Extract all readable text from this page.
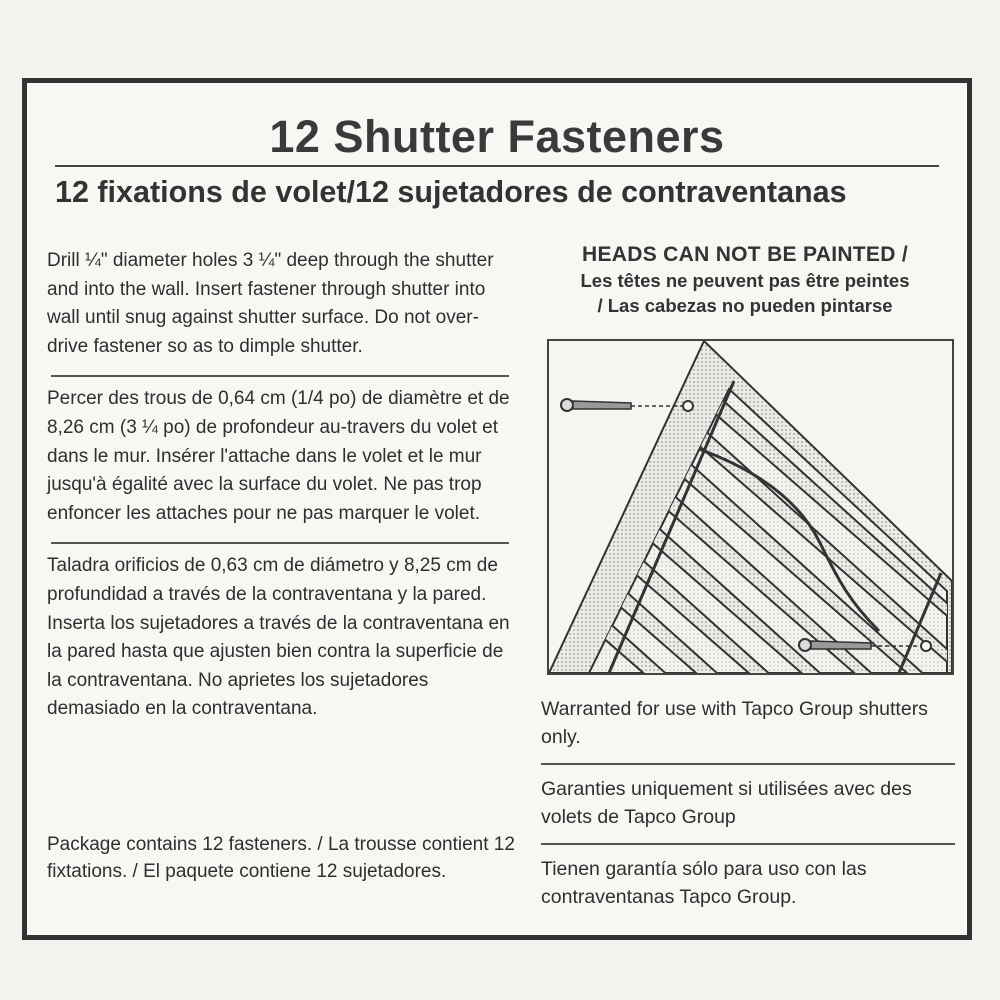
12 Shutter Fasteners
12 fixations de volet/12 sujetadores de contraventanas

Drill ¼" diameter holes 3 ¼" deep through the shutter and into the wall. Insert fastener through shutter into wall until snug against shutter surface. Do not over-drive fastener so as to dimple shutter.

Percer des trous de 0,64 cm (1/4 po) de diamètre et de 8,26 cm (3 ¼ po) de profondeur au-travers du volet et dans le mur. Insérer l'attache dans le volet et le mur jusqu'à égalité avec la surface du volet. Ne pas trop enfoncer les attaches pour ne pas marquer le volet.

Taladra orificios de 0,63 cm de diámetro y 8,25 cm de profundidad a través de la contraventana y la pared. Inserta los sujetadores a través de la contraventana en la pared hasta que ajusten bien contra la superficie de la contraventana. No aprietes los sujetadores demasiado en la contraventana.

Package contains 12 fasteners. / La trousse contient 12 fixtations. / El paquete contiene 12 sujetadores.
HEADS CAN NOT BE PAINTED /
Les têtes ne peuvent pas être peintes
/ Las cabezas no pueden pintarse
Warranted for use with Tapco Group shutters only.
Garanties uniquement si utilisées avec des volets de Tapco Group
Tienen garantía sólo para uso con las contraventanas Tapco Group.
